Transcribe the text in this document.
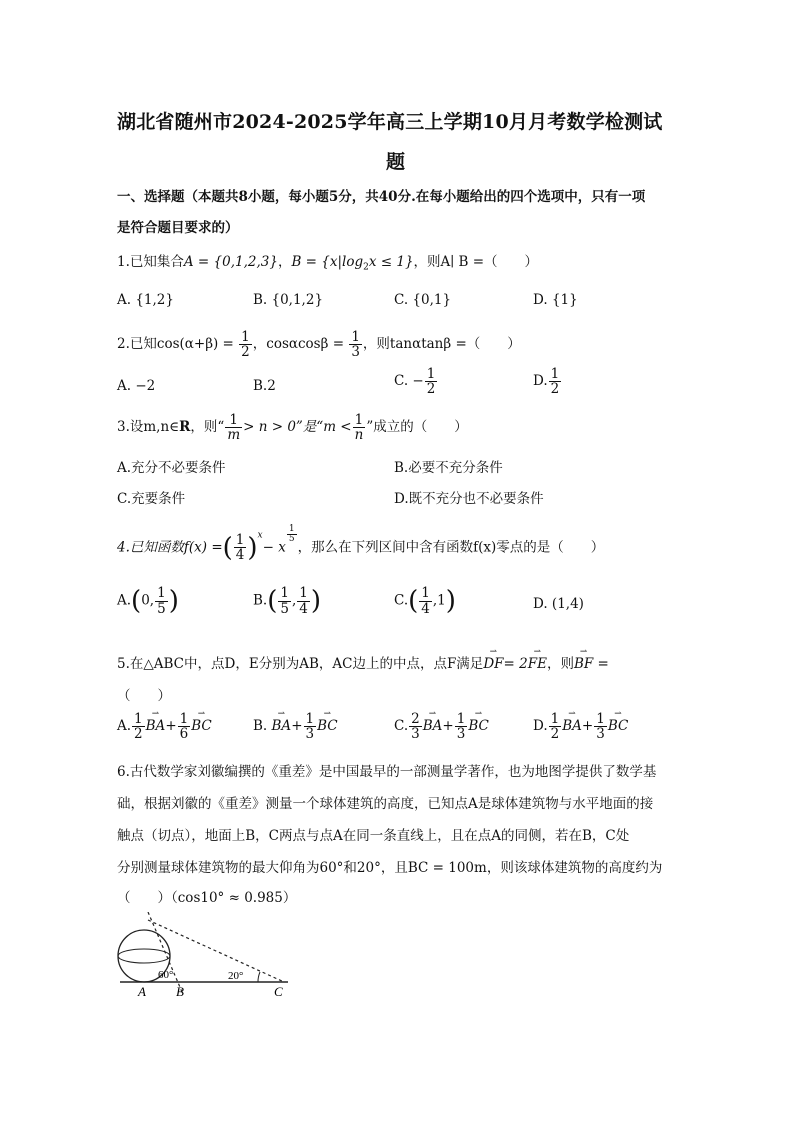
湖北省随州市2024-2025学年高三上学期10月月考数学检测试
题
一、选择题（本题共8小题，每小题5分，共40分.在每小题给出的四个选项中，只有一项
是符合题目要求的）
1.已知集合A = {0,1,2,3}，$B = \{x|\log_2x \le 1\}$，则A∣ B =（　　）
A. {1,2}	B. {0,1,2}	C. {0,1}	D. {1}
2.已知$\cos(\alpha+\beta) = \frac{1}{2}$ ，$\cos\alpha\cos\beta = \frac{1}{3}$ ，则tanαtanβ =（　　）
A. −2	B.2	C. − $\frac{1}{2}$	D. $\frac{1}{2}$
3.设m,n∈R，则“ $\frac{1}{m} > n > 0$”是“$m < \frac{1}{n}$ ”成立的（　　）
A.充分不必要条件	B.必要不充分条件
C.充要条件	D.既不充分也不必要条件
4.已知函数f(x) =( $\frac{1}{4} )^x- x$
$\frac{1}{5}$
，那么在下列区间中含有函数f(x)零点的是（　　）
A.(0, $\frac{1}{5}$ )	$B.( \frac{1}{5}$ , $\frac{1}{4}$ )	$C.( \frac{1}{4} ,1)$	D. (1,4)
5.在△ABC中，点D，E分别为AB，AC边上的中点，点F满足⇀ DF= 2⇀ FE，则⇀ BF =
（　　）
A. $\frac{1}{2}$ ⇀ $BA+ \frac{1}{6}$ ⇀ BC	B. ⇀ $BA+ \frac{1}{3}$ ⇀ BC	C. $\frac{2}{3}$ ⇀ $BA+ \frac{1}{3}$ ⇀ BC	D. $\frac{1}{2}$ ⇀ $BA+ \frac{1}{3}$ ⇀ BC
6.古代数学家刘徽编撰的《重差》是中国最早的一部测量学著作，也为地图学提供了数学基
础，根据刘徽的《重差》测量一个球体建筑的高度，已知点A是球体建筑物与水平地面的接
触点（切点），地面上B，C两点与点A在同一条直线上，且在点A的同侧，若在B，C处
分别测量球体建筑物的最大仰角为60°和20°，且BC = 100m，则该球体建筑物的高度约为
（　　）（cos10° ≈ 0.985）
A B	C
60°	20°
